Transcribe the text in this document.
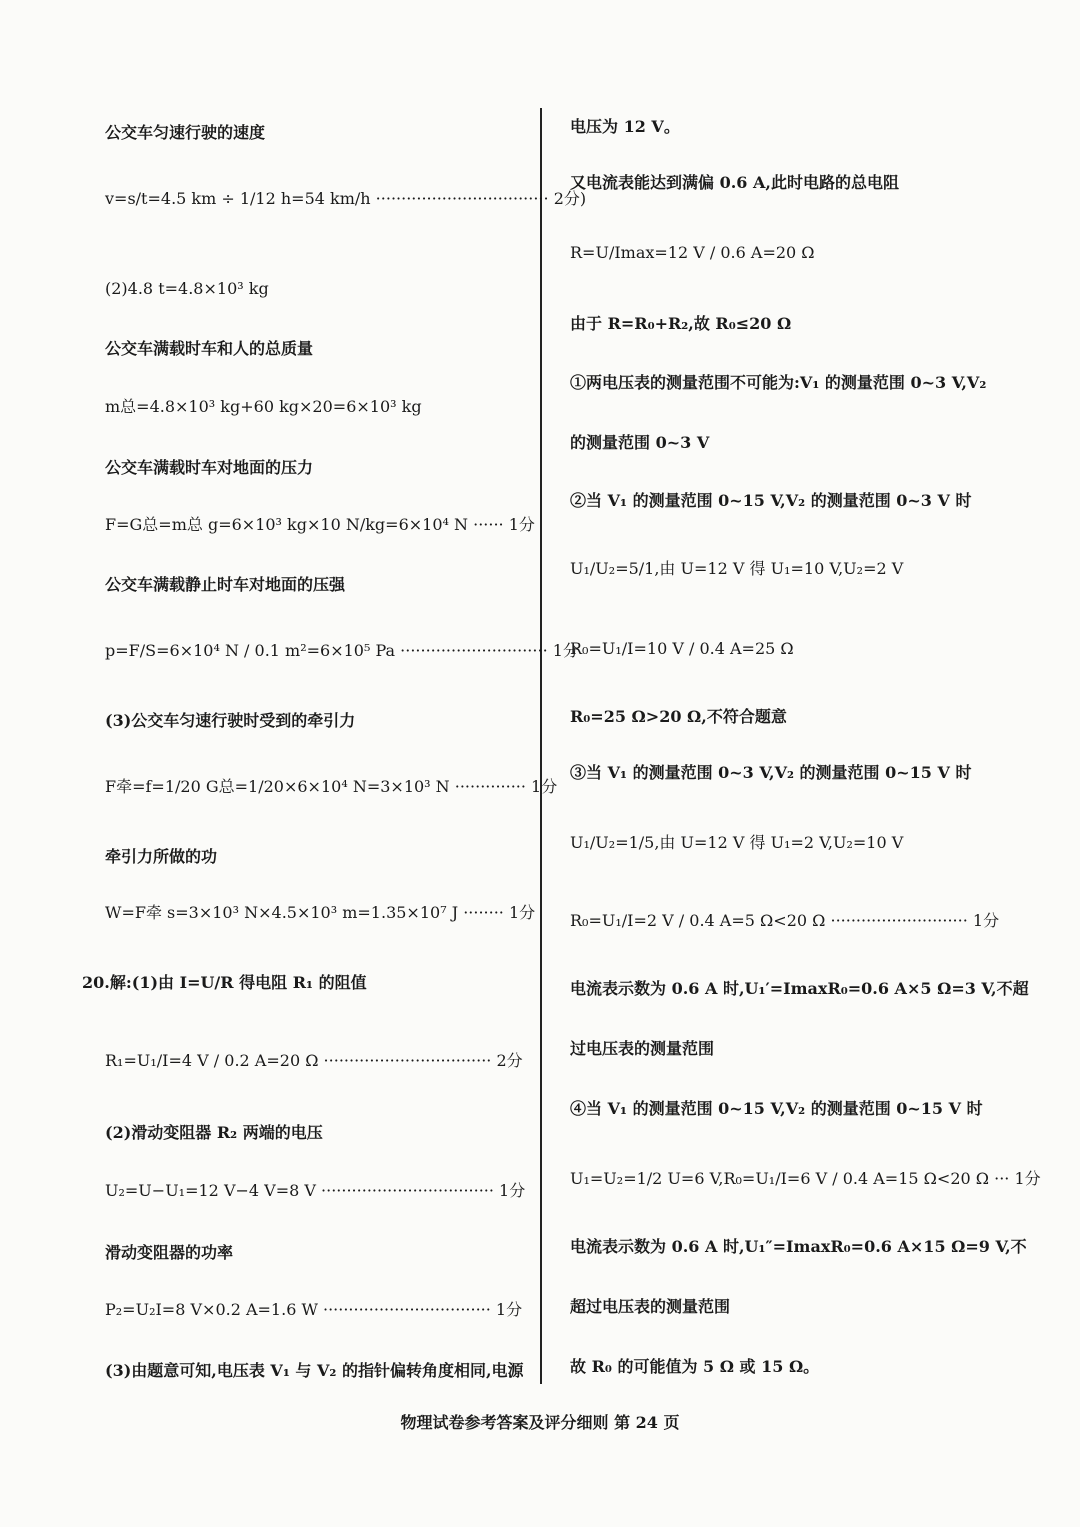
公交车匀速行驶的速度
v=s/t=4.5 km ÷ 1/12 h=54 km/h ·································· 2分)
(2)4.8 t=4.8×10³ kg
公交车满载时车和人的总质量
m总=4.8×10³ kg+60 kg×20=6×10³ kg
公交车满载时车对地面的压力
F=G总=m总 g=6×10³ kg×10 N/kg=6×10⁴ N ······ 1分
公交车满载静止时车对地面的压强
p=F/S=6×10⁴ N / 0.1 m²=6×10⁵ Pa ····························· 1分
(3)公交车匀速行驶时受到的牵引力
F牵=f=1/20 G总=1/20×6×10⁴ N=3×10³ N ·············· 1分
牵引力所做的功
W=F牵 s=3×10³ N×4.5×10³ m=1.35×10⁷ J ········ 1分
20.解:(1)由 I=U/R 得电阻 R₁ 的阻值
R₁=U₁/I=4 V / 0.2 A=20 Ω ································· 2分
(2)滑动变阻器 R₂ 两端的电压
U₂=U−U₁=12 V−4 V=8 V ·································· 1分
滑动变阻器的功率
P₂=U₂I=8 V×0.2 A=1.6 W ································· 1分
(3)由题意可知,电压表 V₁ 与 V₂ 的指针偏转角度相同,电源
电压为 12 V。
又电流表能达到满偏 0.6 A,此时电路的总电阻
R=U/Imax=12 V / 0.6 A=20 Ω
由于 R=R₀+R₂,故 R₀≤20 Ω
①两电压表的测量范围不可能为:V₁ 的测量范围 0~3 V,V₂
的测量范围 0~3 V
②当 V₁ 的测量范围 0~15 V,V₂ 的测量范围 0~3 V 时
U₁/U₂=5/1,由 U=12 V 得 U₁=10 V,U₂=2 V
R₀=U₁/I=10 V / 0.4 A=25 Ω
R₀=25 Ω>20 Ω,不符合题意
③当 V₁ 的测量范围 0~3 V,V₂ 的测量范围 0~15 V 时
U₁/U₂=1/5,由 U=12 V 得 U₁=2 V,U₂=10 V
R₀=U₁/I=2 V / 0.4 A=5 Ω<20 Ω ··························· 1分
电流表示数为 0.6 A 时,U₁′=ImaxR₀=0.6 A×5 Ω=3 V,不超
过电压表的测量范围
④当 V₁ 的测量范围 0~15 V,V₂ 的测量范围 0~15 V 时
U₁=U₂=1/2 U=6 V,R₀=U₁/I=6 V / 0.4 A=15 Ω<20 Ω ··· 1分
电流表示数为 0.6 A 时,U₁″=ImaxR₀=0.6 A×15 Ω=9 V,不
超过电压表的测量范围
故 R₀ 的可能值为 5 Ω 或 15 Ω。
物理试卷参考答案及评分细则 第 24 页
